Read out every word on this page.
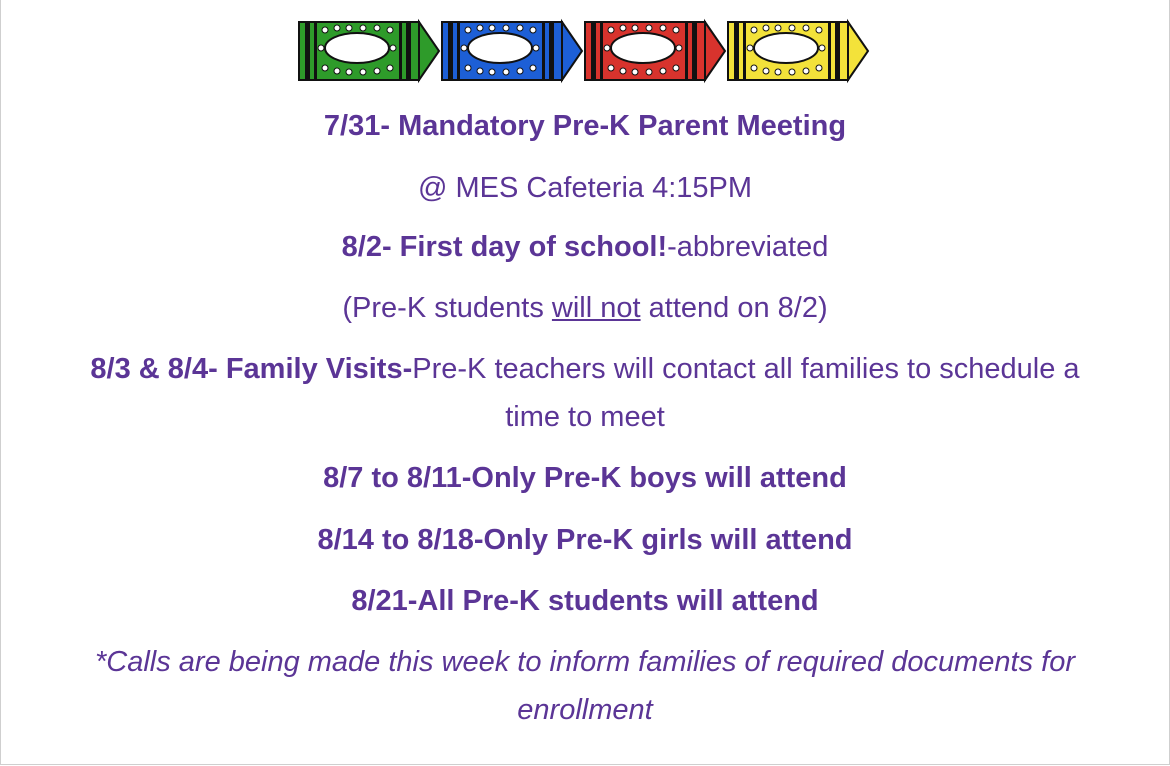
7/31- Mandatory Pre-K Parent Meeting
@ MES Cafeteria 4:15PM
8/2- First day of school!-abbreviated
(Pre-K students will not attend on 8/2)
8/3 & 8/4- Family Visits-Pre-K teachers will contact all families to schedule a
time to meet
8/7 to 8/11-Only Pre-K boys will attend
8/14 to 8/18-Only Pre-K girls will attend
8/21-All Pre-K students will attend
*Calls are being made this week to inform families of required documents for
enrollment
